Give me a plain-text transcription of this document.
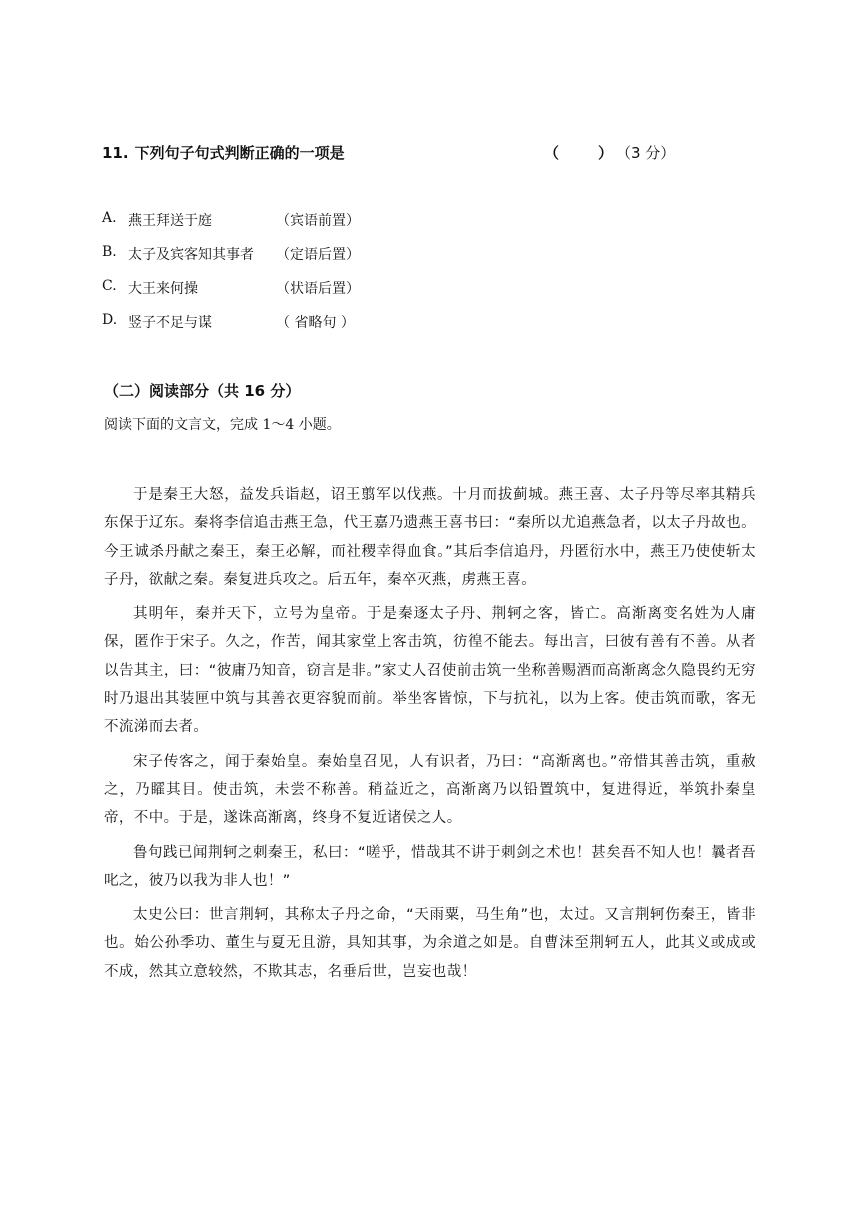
11. 下列句子句式判断正确的一项是	（	） （3 分）
A. 燕王拜送于庭	（宾语前置）
B. 太子及宾客知其事者 （定语后置）
C. 大王来何操	（状语后置）
D. 竖子不足与谋	（ 省略句 ）
（二）阅读部分（共 16 分）
阅读下面的文言文，完成 1～4 小题。

于是秦王大怒，益发兵诣赵，诏王翦军以伐燕。十月而拔蓟城。燕王喜、太子丹等尽率其精兵东保于辽东。秦将李信追击燕王急，代王嘉乃遗燕王喜书曰：“秦所以尤追燕急者，以太子丹故也。今王诚杀丹献之秦王，秦王必解，而社稷幸得血食。”其后李信追丹，丹匿衍水中，燕王乃使使斩太子丹，欲献之秦。秦复进兵攻之。后五年，秦卒灭燕，虏燕王喜。

其明年，秦并天下，立号为皇帝。于是秦逐太子丹、荆轲之客，皆亡。高渐离变名姓为人庸保，匿作于宋子。久之，作苦，闻其家堂上客击筑，彷徨不能去。每出言，曰彼有善有不善。从者以告其主，曰：“彼庸乃知音，窃言是非。”家丈人召使前击筑一坐称善赐酒而高渐离念久隐畏约无穷时乃退出其装匣中筑与其善衣更容貌而前。举坐客皆惊，下与抗礼，以为上客。使击筑而歌，客无不流涕而去者。

宋子传客之，闻于秦始皇。秦始皇召见，人有识者，乃曰：“高渐离也。”帝惜其善击筑，重赦之，乃矐其目。使击筑，未尝不称善。稍益近之，高渐离乃以铅置筑中，复进得近，举筑扑秦皇帝，不中。于是，遂诛高渐离，终身不复近诸侯之人。

鲁句践已闻荆轲之刺秦王，私曰：“嗟乎，惜哉其不讲于刺剑之术也！甚矣吾不知人也！曩者吾叱之，彼乃以我为非人也！”

太史公曰：世言荆轲，其称太子丹之命，“天雨粟，马生角”也，太过。又言荆轲伤秦王，皆非也。始公孙季功、董生与夏无且游，具知其事，为余道之如是。自曹沫至荆轲五人，此其义或成或不成，然其立意较然，不欺其志，名垂后世，岂妄也哉！
